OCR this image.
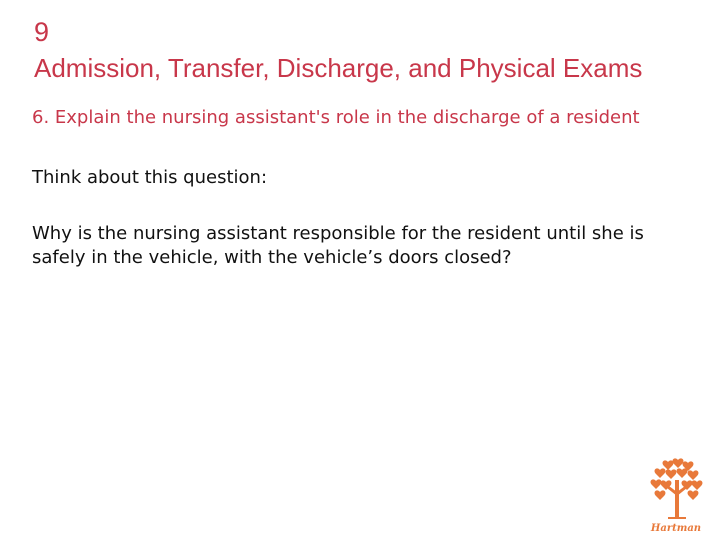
9
Admission, Transfer, Discharge, and Physical Exams
6. Explain the nursing assistant's role in the discharge of a resident
Think about this question:
Why is the nursing assistant responsible for the resident until she is safely in the vehicle, with the vehicle’s doors closed?
Hartman
